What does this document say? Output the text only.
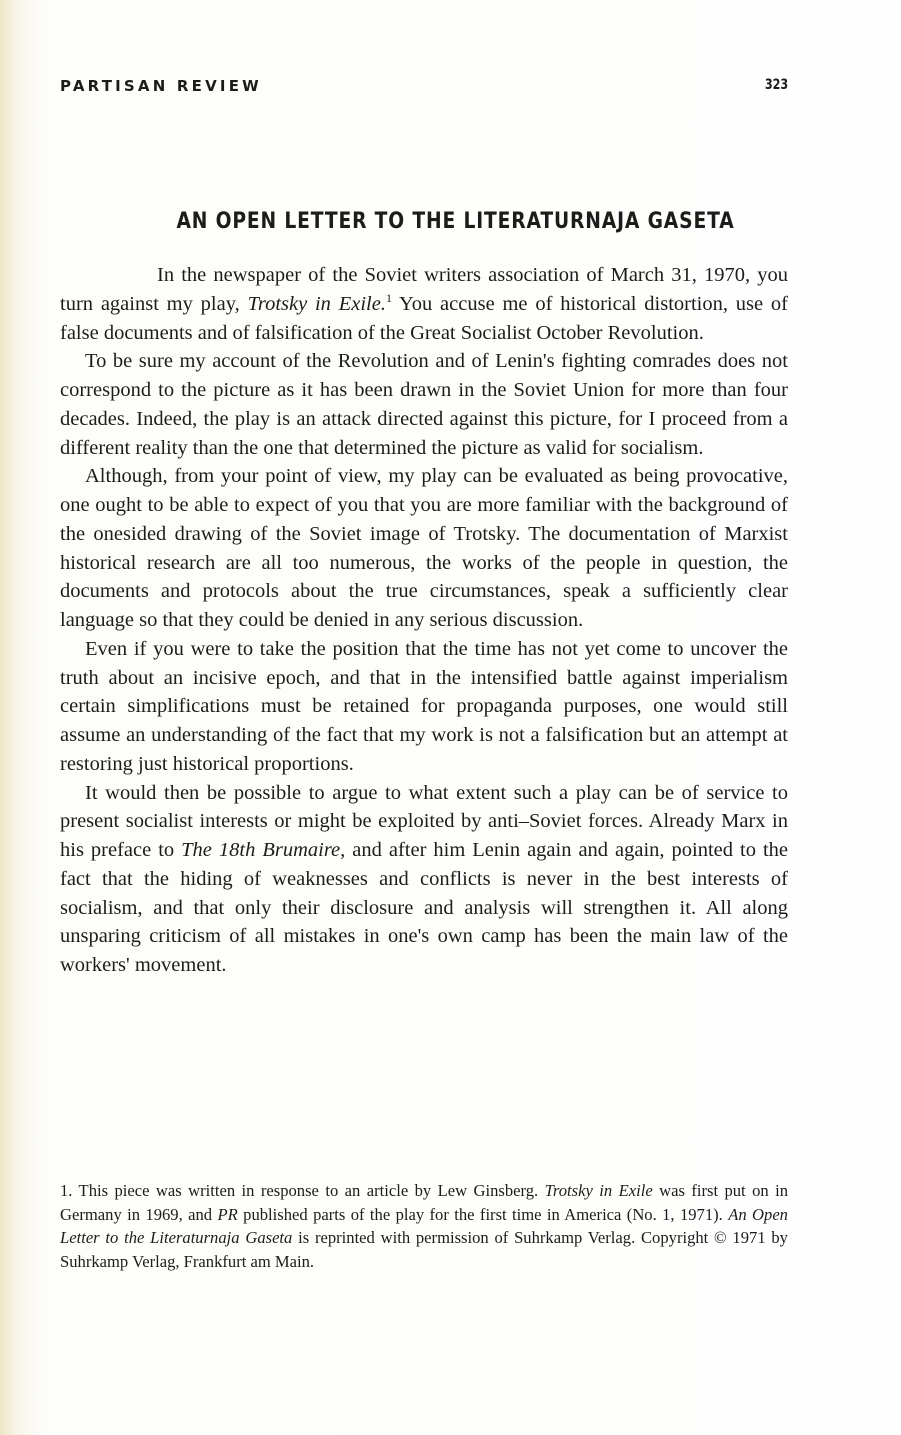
PARTISAN REVIEW	323
AN OPEN LETTER TO THE LITERATURNAJA GASETA

In the newspaper of the Soviet writers association of March 31, 1970, you turn against my play, Trotsky in Exile.$^1$ You accuse me of historical distortion, use of false documents and of falsification of the Great Socialist October Revolution.

To be sure my account of the Revolution and of Lenin's fighting comrades does not correspond to the picture as it has been drawn in the Soviet Union for more than four decades. Indeed, the play is an attack directed against this picture, for I proceed from a different reality than the one that determined the picture as valid for socialism.

Although, from your point of view, my play can be evaluated as being provocative, one ought to be able to expect of you that you are more familiar with the background of the onesided drawing of the Soviet image of Trotsky. The documentation of Marxist historical research are all too numerous, the works of the people in question, the documents and protocols about the true circumstances, speak a sufficiently clear language so that they could be denied in any serious discussion.

Even if you were to take the position that the time has not yet come to uncover the truth about an incisive epoch, and that in the intensified battle against imperialism certain simplifications must be retained for propaganda purposes, one would still assume an understanding of the fact that my work is not a falsification but an attempt at restoring just historical proportions.

It would then be possible to argue to what extent such a play can be of service to present socialist interests or might be exploited by anti–Soviet forces. Already Marx in his preface to The 18th Brumaire, and after him Lenin again and again, pointed to the fact that the hiding of weaknesses and conflicts is never in the best interests of socialism, and that only their disclosure and analysis will strengthen it. All along unsparing criticism of all mistakes in one's own camp has been the main law of the workers' movement.

1. This piece was written in response to an article by Lew Ginsberg. Trotsky in Exile was first put on in Germany in 1969, and PR published parts of the play for the first time in America (No. 1, 1971). An Open Letter to the Literaturnaja Gaseta is reprinted with permission of Suhrkamp Verlag. Copyright © 1971 by Suhrkamp Verlag, Frankfurt am Main.
